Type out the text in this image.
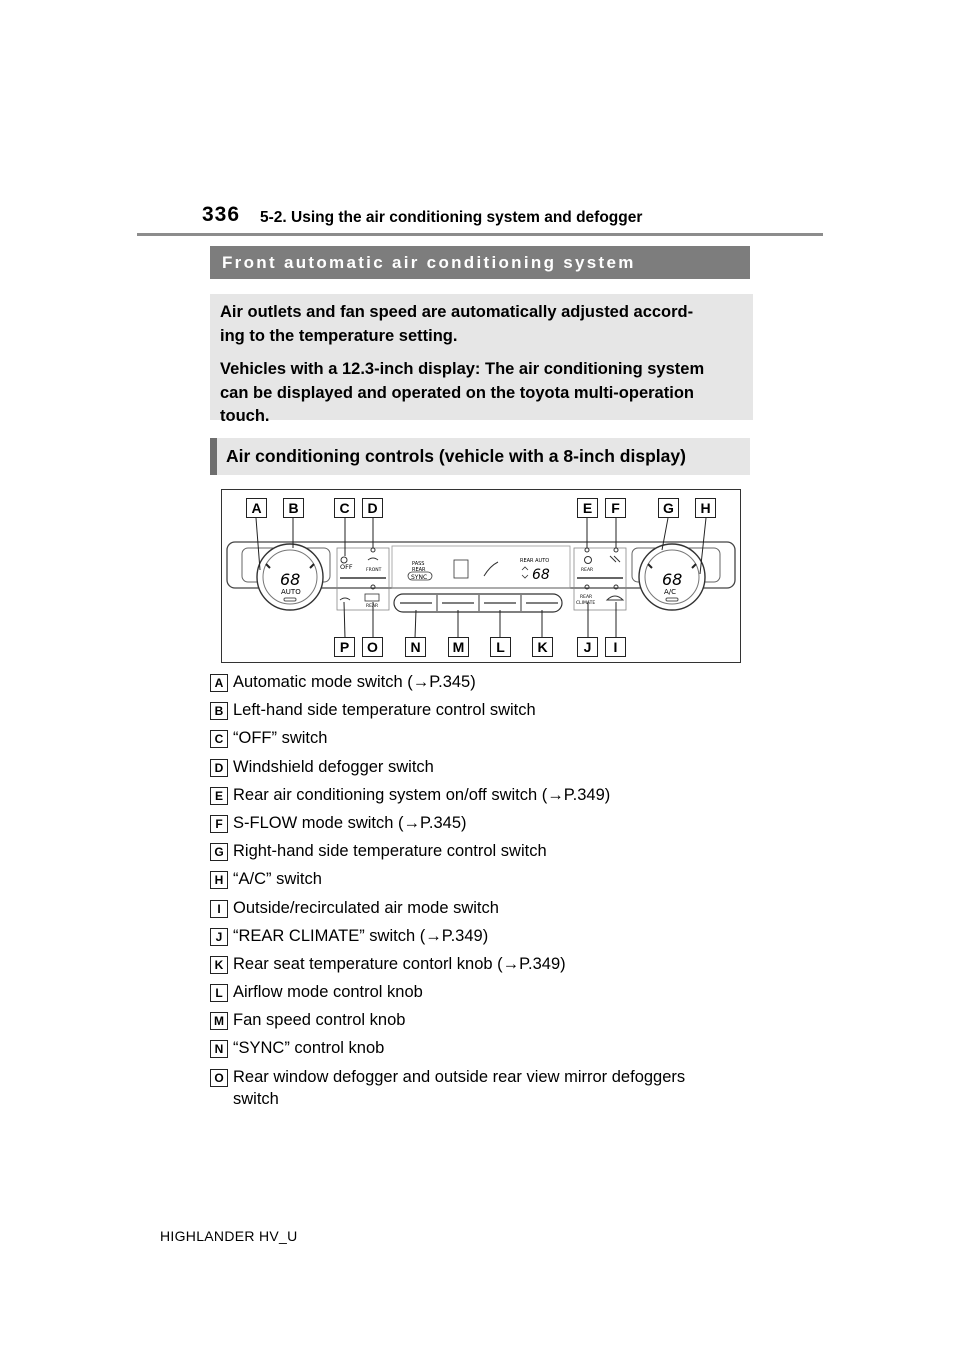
336 5-2. Using the air conditioning system and defogger
Front automatic air conditioning system

Air outlets and fan speed are automatically adjusted accord-
ing to the temperature setting.

Vehicles with a 12.3-inch display: The air conditioning system
can be displayed and operated on the toyota multi-operation
touch.

Air conditioning controls (vehicle with a 8-inch display)
68
AUTO
68
A/C
OFF	FRONT
REAR
PASS
REAR
SYNC
REAR AUTO
68	REAR
REAR
CLIMATE
A	B	C	D	E	F	G	H
P	O	N	M	L	K	J	I
A Automatic mode switch (→P.345)
B Left-hand side temperature control switch
C “OFF” switch
D Windshield defogger switch
E Rear air conditioning system on/off switch (→P.349)
F S-FLOW mode switch (→P.345)
G Right-hand side temperature control switch
H “A/C” switch
I Outside/recirculated air mode switch
J “REAR CLIMATE” switch (→P.349)
K Rear seat temperature contorl knob (→P.349)
L Airflow mode control knob
M Fan speed control knob
N “SYNC” control knob
O Rear window defogger and outside rear view mirror defoggers switch
HIGHLANDER HV_U
